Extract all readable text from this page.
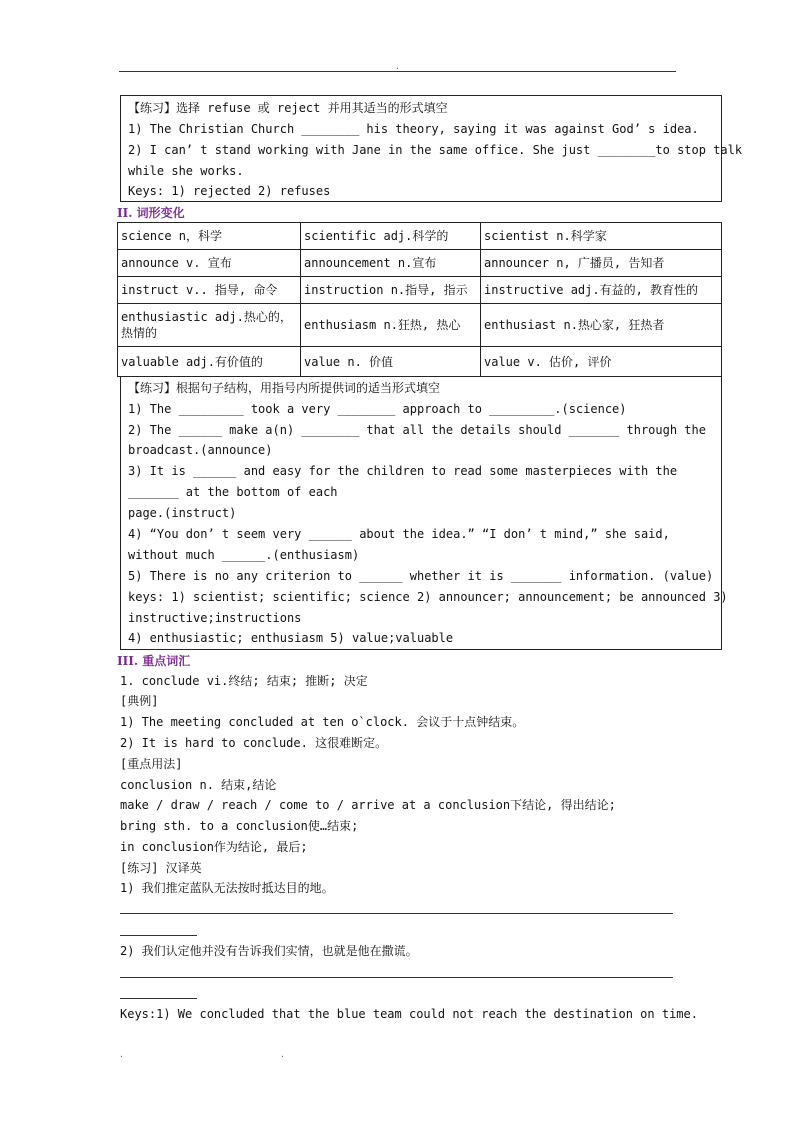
.
【练习】选择 refuse 或 reject 并用其适当的形式填空
1) The Christian Church ________ his theory, saying it was against God’ s idea.
2) I can’ t stand working with Jane in the same office. She just ________to stop talk
while she works.
Keys: 1) rejected 2) refuses
II. 词形变化
science n，科学	scientific adj.科学的	scientist n.科学家
announce v. 宣布	announcement n.宣布	announcer n, 广播员, 告知者
instruct v.. 指导, 命令	instruction n.指导, 指示	instructive adj.有益的, 教育性的
enthusiastic adj.热心的，热情的	enthusiasm n.狂热, 热心	enthusiast n.热心家, 狂热者
valuable adj.有价值的	value n. 价值	value v. 估价, 评价
【练习】根据句子结构，用指号内所提供词的适当形式填空
1) The _________ took a very ________ approach to _________.(science)
2) The ______ make a(n) ________ that all the details should _______ through the
broadcast.(announce)
3) It is ______ and easy for the children to read some masterpieces with the
_______ at the bottom of each
page.(instruct)
4) “You don’ t seem very ______ about the idea.” “I don’ t mind,” she said,
without much ______.(enthusiasm)
5) There is no any criterion to ______ whether it is _______ information. (value)
keys: 1) scientist; scientific; science 2) announcer; announcement; be announced 3)
instructive;instructions
4) enthusiastic; enthusiasm 5) value;valuable
III. 重点词汇
1. conclude vi.终结; 结束; 推断; 决定
[典例]
1) The meeting concluded at ten o`clock. 会议于十点钟结束。
2) It is hard to conclude. 这很难断定。
[重点用法]
conclusion n. 结束,结论
make / draw / reach / come to / arrive at a conclusion下结论, 得出结论;
bring sth. to a conclusion使…结束;
in conclusion作为结论, 最后;
[练习] 汉译英
1) 我们推定蓝队无法按时抵达目的地。
2) 我们认定他并没有告诉我们实情，也就是他在撒谎。
Keys:1) We concluded that the blue team could not reach the destination on time.
.	.
